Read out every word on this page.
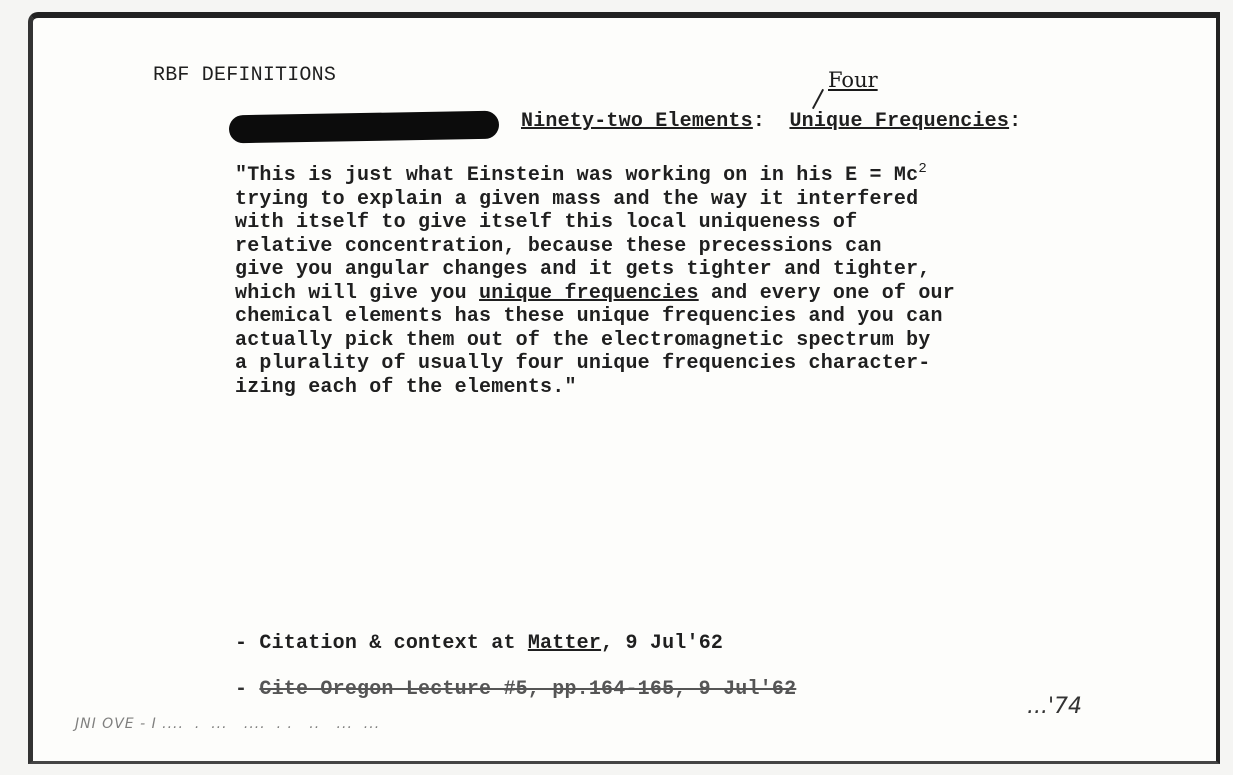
RBF DEFINITIONS	Four
Ninety-two Elements:  Unique Frequencies:
"This is just what Einstein was working on in his $E = Mc^2$
trying to explain a given mass and the way it interfered
with itself to give itself this local uniqueness of
relative concentration, because these precessions can
give you angular changes and it gets tighter and tighter,
which will give you unique frequencies and every one of our
chemical elements has these unique frequencies and you can
actually pick them out of the electromagnetic spectrum by
a plurality of usually four unique frequencies character-
izing each of the elements."
- Citation & context at Matter, 9 Jul'62
- Cite Oregon Lecture #5, pp.164-165, 9 Jul'62
JNI OVE - I ....  .  ...   ....  . .   ..   ...  ...
...'74
